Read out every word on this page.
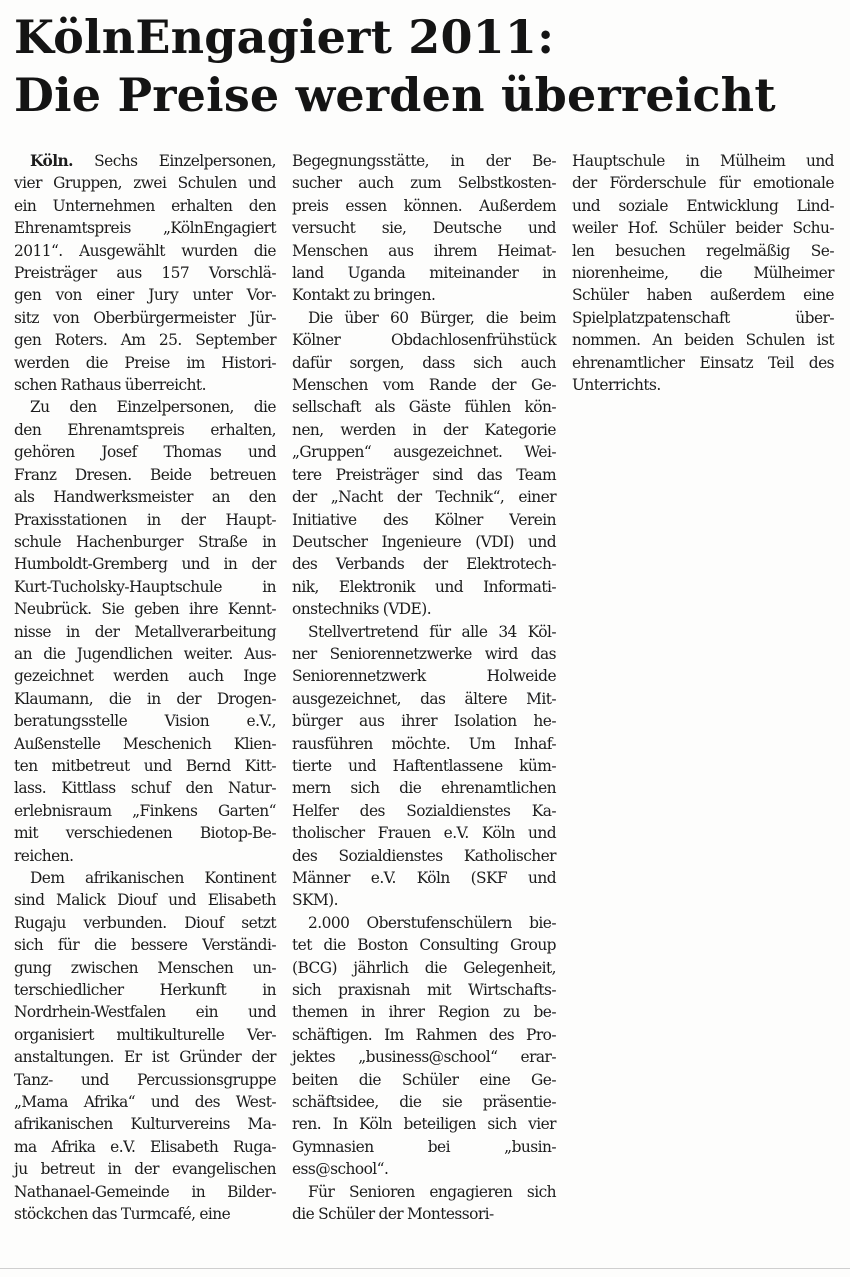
KölnEngagiert 2011:
Die Preise werden überreicht

Köln. Sechs Einzelpersonen,
vier Gruppen, zwei Schulen und
ein Unternehmen erhalten den
Ehrenamtspreis „KölnEngagiert
2011“. Ausgewählt wurden die
Preisträger aus 157 Vorschlä-
gen von einer Jury unter Vor-
sitz von Oberbürgermeister Jür-
gen Roters. Am 25. September
werden die Preise im Histori-
schen Rathaus überreicht.

Zu den Einzelpersonen, die
den Ehrenamtspreis erhalten,
gehören Josef Thomas und
Franz Dresen. Beide betreuen
als Handwerksmeister an den
Praxisstationen in der Haupt-
schule Hachenburger Straße in
Humboldt-Gremberg und in der
Kurt-Tucholsky-Hauptschule in
Neubrück. Sie geben ihre Kennt-
nisse in der Metallverarbeitung
an die Jugendlichen weiter. Aus-
gezeichnet werden auch Inge
Klaumann, die in der Drogen-
beratungsstelle Vision e.V.,
Außenstelle Meschenich Klien-
ten mitbetreut und Bernd Kitt-
lass. Kittlass schuf den Natur-
erlebnisraum „Finkens Garten“
mit verschiedenen Biotop-Be-
reichen.

Dem afrikanischen Kontinent
sind Malick Diouf und Elisabeth
Rugaju verbunden. Diouf setzt
sich für die bessere Verständi-
gung zwischen Menschen un-
terschiedlicher Herkunft in
Nordrhein-Westfalen ein und
organisiert multikulturelle Ver-
anstaltungen. Er ist Gründer der
Tanz- und Percussionsgruppe
„Mama Afrika“ und des West-
afrikanischen Kulturvereins Ma-
ma Afrika e.V. Elisabeth Ruga-
ju betreut in der evangelischen
Nathanael-Gemeinde in Bilder-
stöckchen das Turmcafé, eine

Begegnungsstätte, in der Be-
sucher auch zum Selbstkosten-
preis essen können. Außerdem
versucht sie, Deutsche und
Menschen aus ihrem Heimat-
land Uganda miteinander in
Kontakt zu bringen.

Die über 60 Bürger, die beim
Kölner Obdachlosenfrühstück
dafür sorgen, dass sich auch
Menschen vom Rande der Ge-
sellschaft als Gäste fühlen kön-
nen, werden in der Kategorie
„Gruppen“ ausgezeichnet. Wei-
tere Preisträger sind das Team
der „Nacht der Technik“, einer
Initiative des Kölner Verein
Deutscher Ingenieure (VDI) und
des Verbands der Elektrotech-
nik, Elektronik und Informati-
onstechniks (VDE).

Stellvertretend für alle 34 Köl-
ner Seniorennetzwerke wird das
Seniorennetzwerk Holweide
ausgezeichnet, das ältere Mit-
bürger aus ihrer Isolation he-
rausführen möchte. Um Inhaf-
tierte und Haftentlassene küm-
mern sich die ehrenamtlichen
Helfer des Sozialdienstes Ka-
tholischer Frauen e.V. Köln und
des Sozialdienstes Katholischer
Männer e.V. Köln (SKF und
SKM).

2.000 Oberstufenschülern bie-
tet die Boston Consulting Group
(BCG) jährlich die Gelegenheit,
sich praxisnah mit Wirtschafts-
themen in ihrer Region zu be-
schäftigen. Im Rahmen des Pro-
jektes „business@school“ erar-
beiten die Schüler eine Ge-
schäftsidee, die sie präsentie-
ren. In Köln beteiligen sich vier
Gymnasien bei „busin-
ess@school“.

Für Senioren engagieren sich
die Schüler der Montessori-

Hauptschule in Mülheim und
der Förderschule für emotionale
und soziale Entwicklung Lind-
weiler Hof. Schüler beider Schu-
len besuchen regelmäßig Se-
niorenheime, die Mülheimer
Schüler haben außerdem eine
Spielplatzpatenschaft über-
nommen. An beiden Schulen ist
ehrenamtlicher Einsatz Teil des
Unterrichts.
